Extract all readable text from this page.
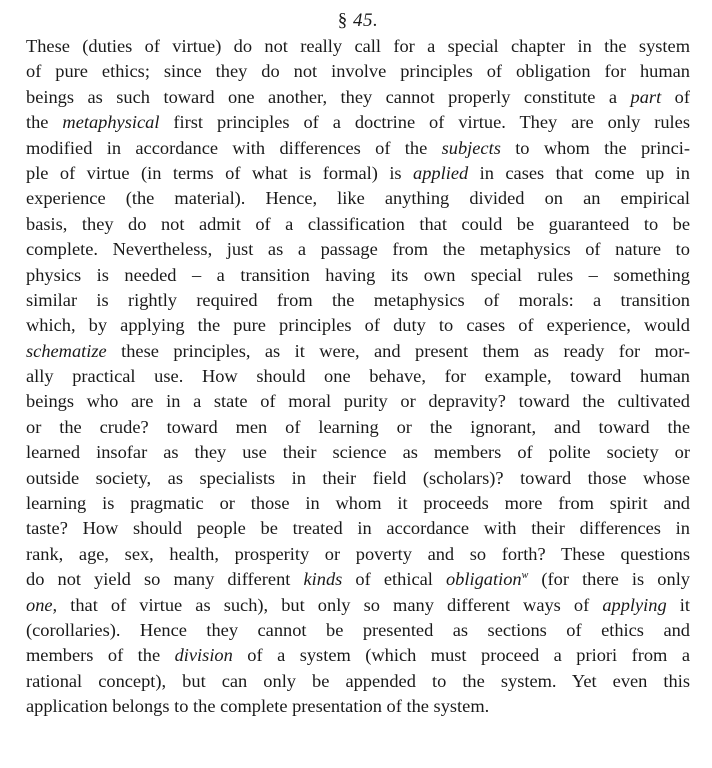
§ 45.
These (duties of virtue) do not really call for a special chapter in the system
of pure ethics; since they do not involve principles of obligation for human
beings as such toward one another, they cannot properly constitute a part of
the metaphysical first principles of a doctrine of virtue. They are only rules
modified in accordance with differences of the subjects to whom the princi-
ple of virtue (in terms of what is formal) is applied in cases that come up in
experience (the material). Hence, like anything divided on an empirical
basis, they do not admit of a classification that could be guaranteed to be
complete. Nevertheless, just as a passage from the metaphysics of nature to
physics is needed – a transition having its own special rules – something
similar is rightly required from the metaphysics of morals: a transition
which, by applying the pure principles of duty to cases of experience, would
schematize these principles, as it were, and present them as ready for mor-
ally practical use. How should one behave, for example, toward human
beings who are in a state of moral purity or depravity? toward the cultivated
or the crude? toward men of learning or the ignorant, and toward the
learned insofar as they use their science as members of polite society or
outside society, as specialists in their field (scholars)? toward those whose
learning is pragmatic or those in whom it proceeds more from spirit and
taste? How should people be treated in accordance with their differences in
rank, age, sex, health, prosperity or poverty and so forth? These questions
do not yield so many different kinds of ethical obligation$^w$ (for there is only
one, that of virtue as such), but only so many different ways of applying it
(corollaries). Hence they cannot be presented as sections of ethics and
members of the division of a system (which must proceed a priori from a
rational concept), but can only be appended to the system. Yet even this
application belongs to the complete presentation of the system.
